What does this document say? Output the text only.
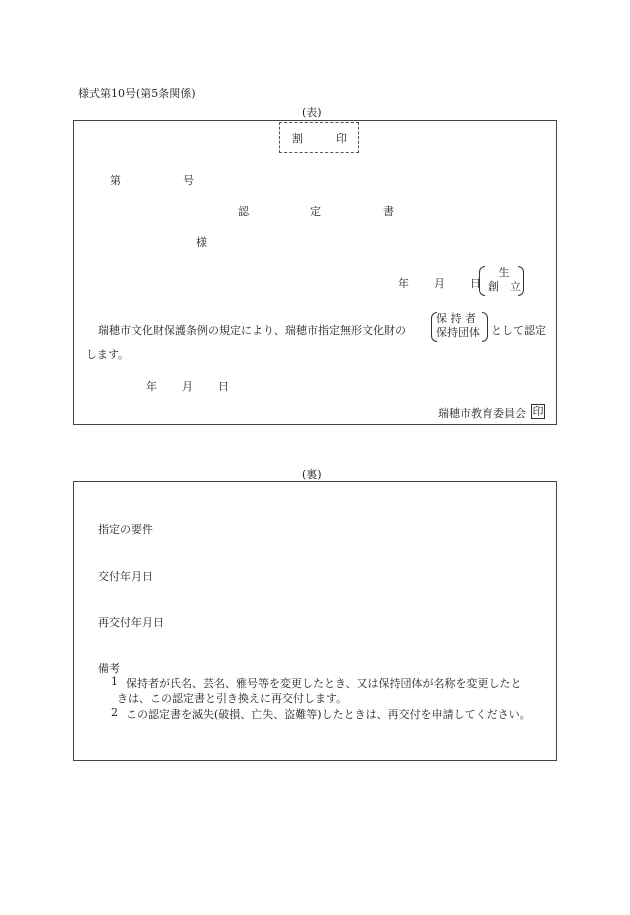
様式第10号(第5条関係)
(表)
割	印
第	号
認	定	書
様
年 月 日
生
創　立
瑞穂市文化財保護条例の規定により、瑞穂市指定無形文化財の
保 持 者
保持団体 として認定
します。
年 月 日
瑞穂市教育委員会 印
(裏)
指定の要件
交付年月日
再交付年月日
備考
1 保持者が氏名、芸名、雅号等を変更したとき、又は保持団体が名称を変更したと
きは、この認定書と引き換えに再交付します。
2 この認定書を滅失(破損、亡失、盗難等)したときは、再交付を申請してください。
